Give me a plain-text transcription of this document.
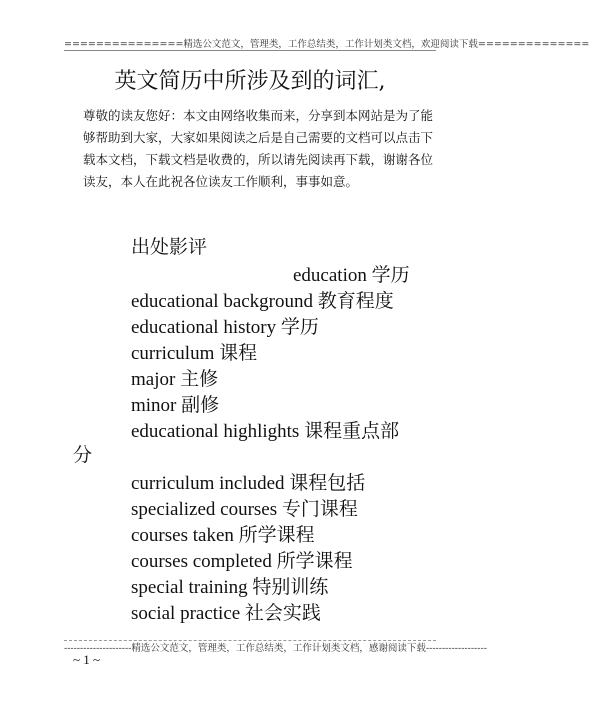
===============精选公文范文，管理类，工作总结类，工作计划类文档，欢迎阅读下载==============
英文简历中所涉及到的词汇,

尊敬的读友您好：本文由网络收集而来，分享到本网站是为了能够帮助到大家，大家如果阅读之后是自己需要的文档可以点击下载本文档，下载文档是收费的，所以请先阅读再下载，谢谢各位读友，本人在此祝各位读友工作顺利，事事如意。

出处影评
education 学历
educational background 教育程度
educational history 学历
curriculum 课程
major 主修
minor 副修
educational highlights 课程重点部
分
curriculum included 课程包括
specialized courses 专门课程
courses taken 所学课程
courses completed 所学课程
special training 特别训练
social practice 社会实践
---------------------精选公文范文，管理类，工作总结类，工作计划类文档，感谢阅读下载-------------------
~ 1 ~
